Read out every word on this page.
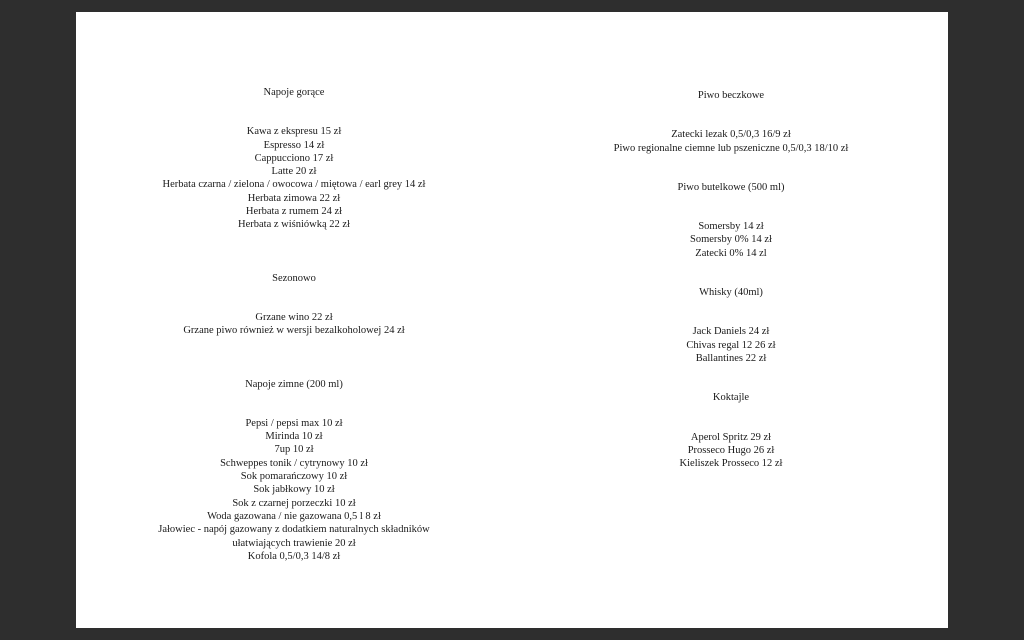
Napoje gorące
Kawa z ekspresu 15 zł
Espresso 14 zł
Cappucciono 17 zł
Latte 20 zł
Herbata czarna / zielona / owocowa / miętowa / earl grey 14 zł
Herbata zimowa 22 zł
Herbata z rumem 24 zł
Herbata z wiśniówką 22 zł
Sezonowo
Grzane wino 22 zł
Grzane piwo również w wersji bezalkoholowej 24 zł
Napoje zimne (200 ml)
Pepsi / pepsi max 10 zł
Mirinda 10 zł
7up 10 zł
Schweppes tonik / cytrynowy 10 zł
Sok pomarańczowy 10 zł
Sok jabłkowy 10 zł
Sok z czarnej porzeczki 10 zł
Woda gazowana / nie gazowana 0,5 l 8 zł
Jałowiec - napój gazowany z dodatkiem naturalnych składników
ułatwiających trawienie 20 zł
Kofola 0,5/0,3 14/8 zł
Piwo beczkowe
Zatecki lezak 0,5/0,3 16/9 zł
Piwo regionalne ciemne lub pszeniczne 0,5/0,3 18/10 zł
Piwo butelkowe (500 ml)
Somersby 14 zł
Somersby 0% 14 zł
Zatecki 0% 14 zl
Whisky (40ml)
Jack Daniels 24 zł
Chivas regal 12 26 zł
Ballantines 22 zł
Koktajle
Aperol Spritz 29 zł
Prosseco Hugo 26 zł
Kieliszek Prosseco 12 zł
